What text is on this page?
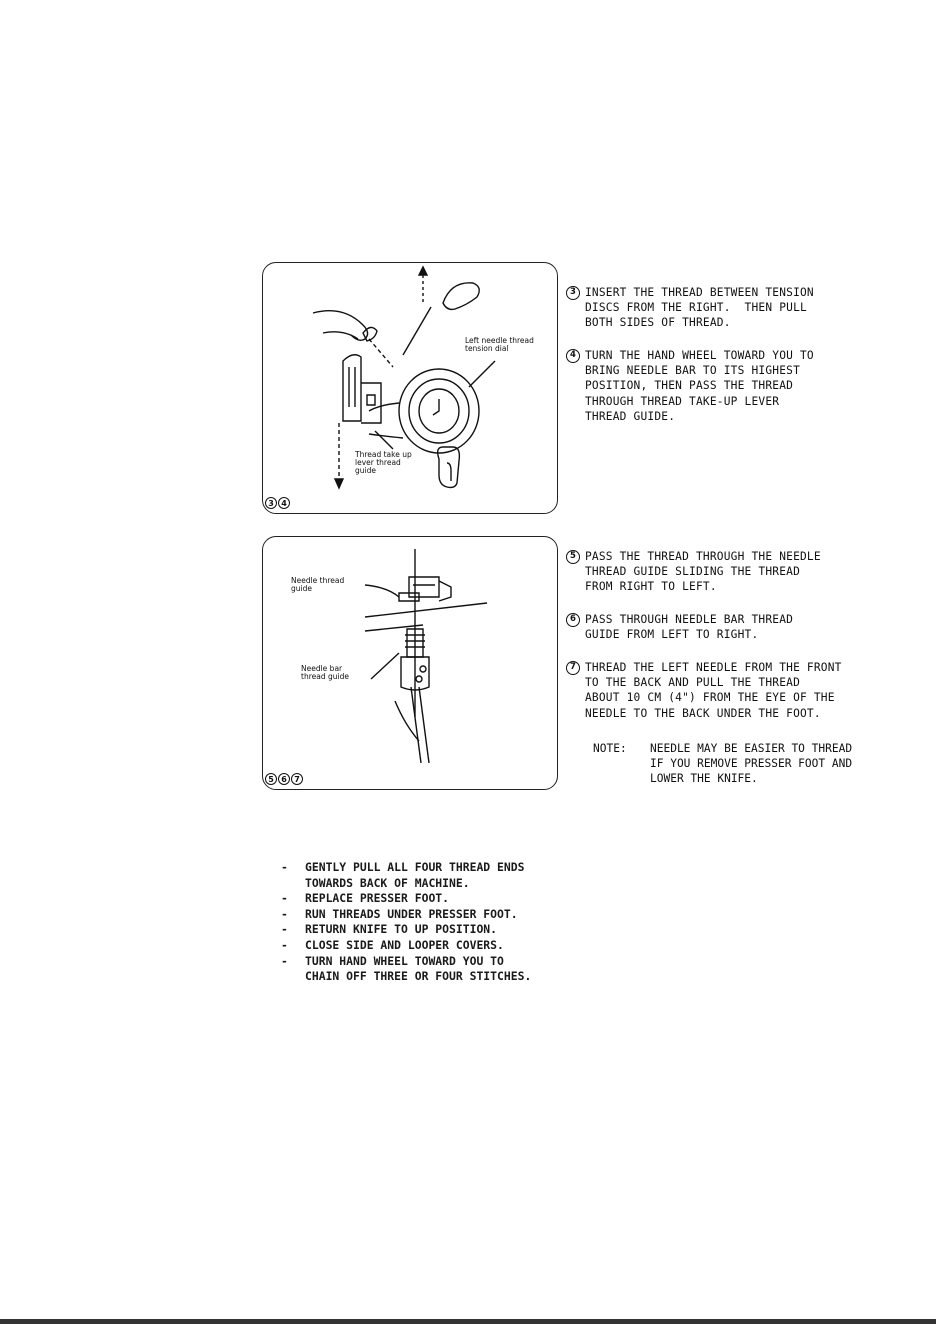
Left needle thread
tension dial

Thread take up
lever thread
guide

3 4

Needle thread
guide

Needle bar
thread guide

5 6 7
3 INSERT THE THREAD BETWEEN TENSION
DISCS FROM THE RIGHT.  THEN PULL
BOTH SIDES OF THREAD.
4 TURN THE HAND WHEEL TOWARD YOU TO
BRING NEEDLE BAR TO ITS HIGHEST
POSITION, THEN PASS THE THREAD
THROUGH THREAD TAKE-UP LEVER
THREAD GUIDE.
5 PASS THE THREAD THROUGH THE NEEDLE
THREAD GUIDE SLIDING THE THREAD
FROM RIGHT TO LEFT.
6 PASS THROUGH NEEDLE BAR THREAD
GUIDE FROM LEFT TO RIGHT.
7 THREAD THE LEFT NEEDLE FROM THE FRONT
TO THE BACK AND PULL THE THREAD
ABOUT 10 CM (4") FROM THE EYE OF THE
NEEDLE TO THE BACK UNDER THE FOOT.
NOTE: NEEDLE MAY BE EASIER TO THREAD
IF YOU REMOVE PRESSER FOOT AND
LOWER THE KNIFE.
- GENTLY PULL ALL FOUR THREAD ENDS
TOWARDS BACK OF MACHINE.
- REPLACE PRESSER FOOT.
- RUN THREADS UNDER PRESSER FOOT.
- RETURN KNIFE TO UP POSITION.
- CLOSE SIDE AND LOOPER COVERS.
- TURN HAND WHEEL TOWARD YOU TO
CHAIN OFF THREE OR FOUR STITCHES.
